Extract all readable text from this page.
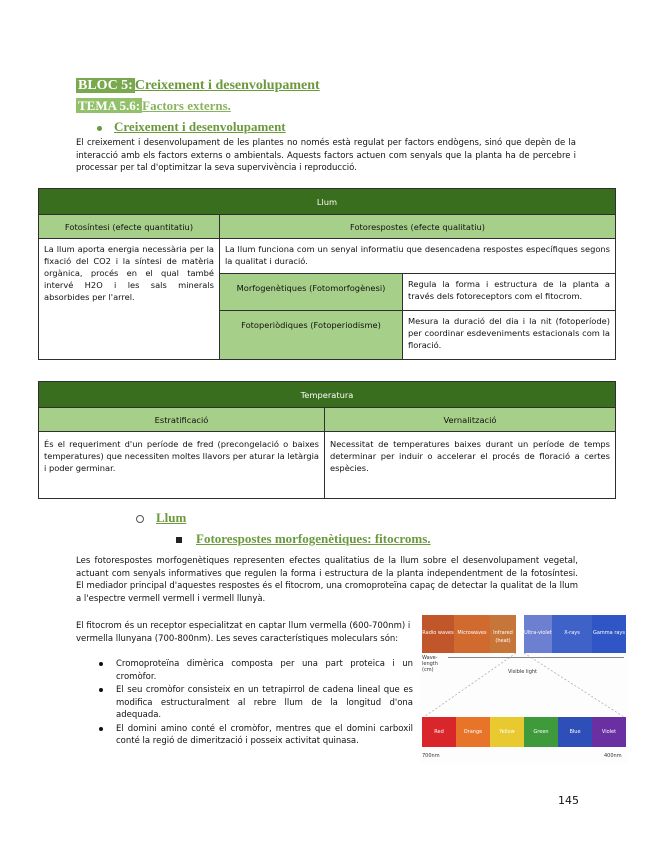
BLOC 5: Creixement i desenvolupament
TEMA 5.6: Factors externs.
Creixement i desenvolupament

El creixement i desenvolupament de les plantes no només està regulat per factors endògens, sinó que depèn de la interacció amb els factors externs o ambientals. Aquests factors actuen com senyals que la planta ha de percebre i processar per tal d'optimitzar la seva supervivència i reproducció.

Llum		
Fotosíntesi (efecte quantitatiu)	Fotorespostes (efecte qualitatiu)	
La llum aporta energia necessària per la fixació del CO2 i la síntesi de matèria orgànica, procés en el qual també intervé H2O i les sals minerals absorbides per l'arrel.	La llum funciona com un senyal informatiu que desencadena respostes específiques segons la qualitat i duració.	
	Morfogenètiques (Fotomorfogènesi)	Regula la forma i estructura de la planta a través dels fotoreceptors com el fitocrom.
	Fotoperiòdiques (Fotoperiodisme)	Mesura la duració del dia i la nit (fotoperíode) per coordinar esdeveniments estacionals com la floració.
Temperatura	
Estratificació	Vernalització
És el requeriment d'un període de fred (precongelació o baixes temperatures) que necessiten moltes llavors per aturar la letàrgia i poder germinar.	Necessitat de temperatures baixes durant un període de temps determinar per induir o accelerar el procés de floració a certes espècies.
Llum
Fotorespostes morfogenètiques: fitocroms.

Les fotorespostes morfogenètiques representen efectes qualitatius de la llum sobre el desenvolupament vegetal, actuant com senyals informatives que regulen la forma i estructura de la planta independentment de la fotosíntesi. El mediador principal d'aquestes respostes és el fitocrom, una cromoproteïna capaç de detectar la qualitat de la llum a l'espectre vermell vermell i vermell llunyà.

El fitocrom és un receptor especialitzat en captar llum vermella (600-700nm) i vermella llunyana (700-800nm). Les seves característiques moleculars són:

Cromoproteïna dimèrica composta per una part proteica i un cromòfor.
El seu cromòfor consisteix en un tetrapirrol de cadena lineal que es modifica estructuralment al rebre llum de la longitud d'ona adequada.
El domini amino conté el cromòfor, mentres que el domini carboxil conté la regió de dimerització i posseix activitat quinasa.
Radio waves Microwaves	Infrared (heat)
Ultra-violet	X-rays	Gamma rays
Wave-length (cm)	Visible light
Red	Orange	Yellow	Green	Blue	Violet
700nm	400nm
145
